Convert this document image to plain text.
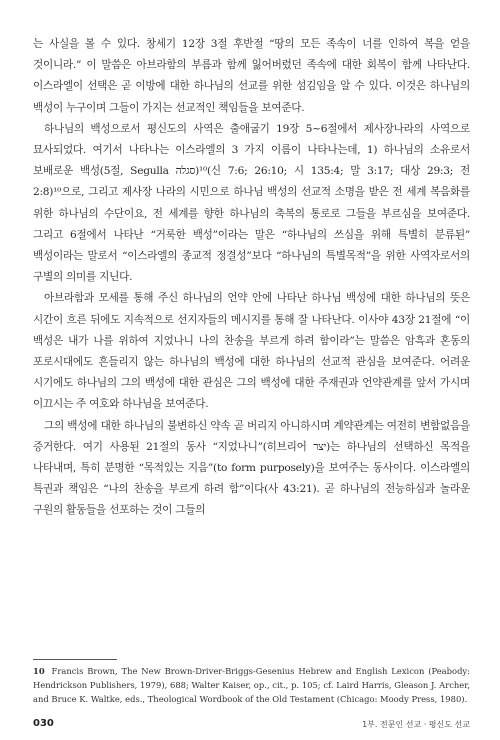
는 사실을 볼 수 있다. 창세기 12장 3절 후반절 “땅의 모든 족속이 너를 인하여 복을 얻을 것이니라.” 이 말씀은 아브라함의 부름과 함께 잃어버렸던 족속에 대한 회복이 함께 나타난다. 이스라엘이 선택은 곧 이방에 대한 하나님의 선교를 위한 섬김임을 알 수 있다. 이것은 하나님의 백성이 누구이며 그들이 가지는 선교적인 책임들을 보여준다.

하나님의 백성으로서 평신도의 사역은 출애굽기 19장 5~6절에서 제사장나라의 사역으로 묘사되었다. 여기서 나타나는 이스라엘의 3 가지 이름이 나타나는데, 1) 하나님의 소유로서 보배로운 백성(5절, Segulla סגלה)¹⁰(신 7:6; 26:10; 시 135:4; 말 3:17; 대상 29:3; 전 2:8)¹⁰으로, 그리고 제사장 나라의 시민으로 하나님 백성의 선교적 소명을 받은 전 세계 복음화를 위한 하나님의 수단이요, 전 세계를 향한 하나님의 축복의 통로로 그들을 부르심을 보여준다. 그리고 6절에서 나타난 “거룩한 백성”이라는 말은 “하나님의 쓰심을 위해 특별히 분류된” 백성이라는 말로서 “이스라엘의 종교적 정결성”보다 “하나님의 특별목적”을 위한 사역자로서의 구별의 의미를 지닌다.

아브라함과 모세를 통해 주신 하나님의 언약 안에 나타난 하나님 백성에 대한 하나님의 뜻은 시간이 흐른 뒤에도 지속적으로 선지자들의 메시지를 통해 잘 나타난다. 이사야 43장 21절에 “이 백성은 내가 나를 위하여 지었나니 나의 찬송을 부르게 하려 함이라”는 말씀은 암흑과 혼동의 포로시대에도 흔들리지 않는 하나님의 백성에 대한 하나님의 선교적 관심을 보여준다. 어려운 시기에도 하나님의 그의 백성에 대한 관심은 그의 백성에 대한 주재권과 언약관계를 앞서 가시며 이끄시는 주 여호와 하나님을 보여준다.

그의 백성에 대한 하나님의 불변하신 약속 곧 버리지 아니하시며 계약관계는 여전히 변함없음을 증거한다. 여기 사용된 21절의 동사 “지었나니”(히브리어 יצר)는 하나님의 선택하신 목적을 나타내며, 특히 분명한 “목적있는 지음”(to form purposely)을 보여주는 동사이다. 이스라엘의 특권과 책임은 “나의 찬송을 부르게 하려 함”이다(사 43:21). 곧 하나님의 전능하심과 놀라운 구원의 활동들을 선포하는 것이 그들의

10 Francis Brown, The New Brown-Driver-Briggs-Gesenius Hebrew and English Lexicon (Peabody: Hendrickson Publishers, 1979), 688; Walter Kaiser, op., cit., p. 105; cf. Laird Harris, Gleason J. Archer, and Bruce K. Waltke, eds., Theological Wordbook of the Old Testament (Chicago: Moody Press, 1980).
030	1부. 전문인 선교 · 평신도 선교
